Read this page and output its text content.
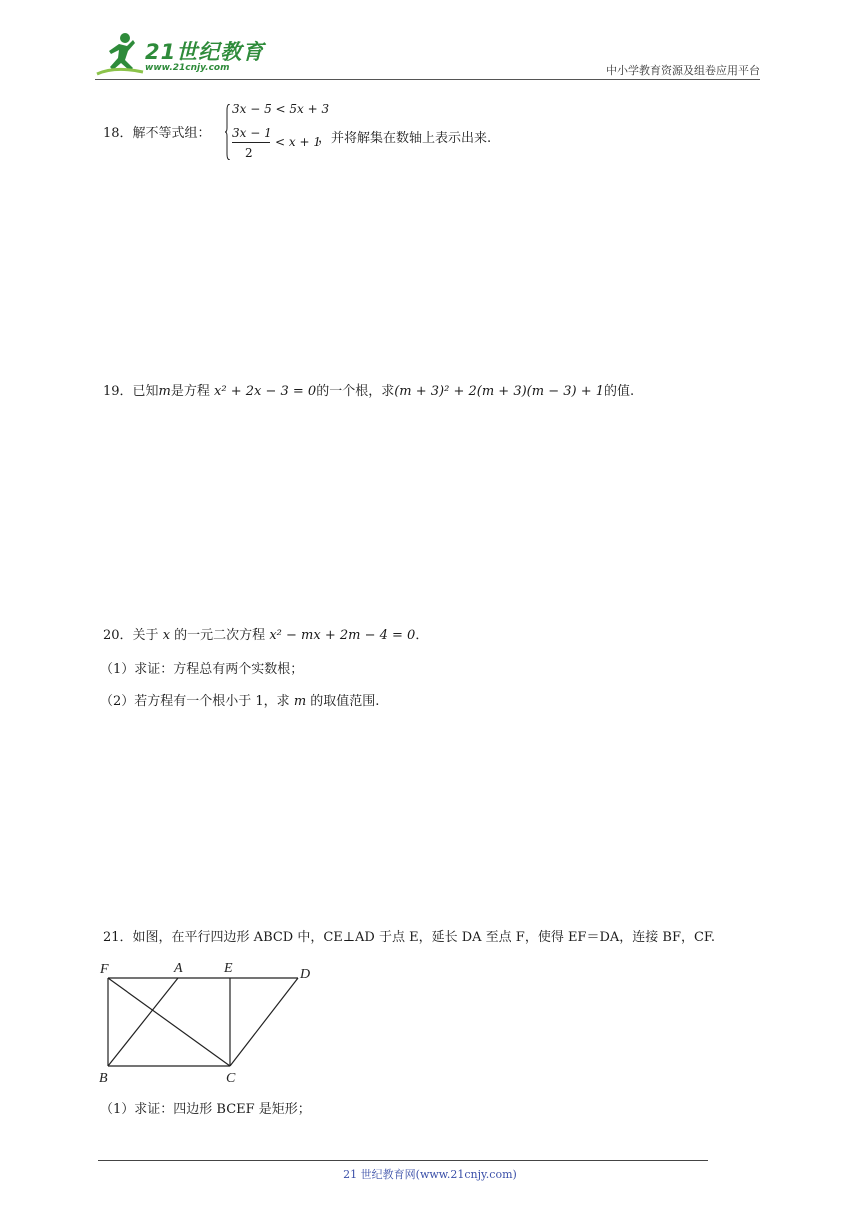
21世纪教育
www.21cnjy.com	中小学教育资源及组卷应用平台
18．解不等式组：
3x − 5 < 5x + 3
3x − 1
2
< x + 1
，并将解集在数轴上表示出来.
19．已知m是方程 x² + 2x − 3 = 0的一个根，求(m + 3)² + 2(m + 3)(m − 3) + 1的值.
20．关于 x 的一元二次方程 x² − mx + 2m − 4 = 0．
（1）求证：方程总有两个实数根；
（2）若方程有一个根小于 1，求 m 的取值范围.
21．如图，在平行四边形 ABCD 中，CE⊥AD 于点 E，延长 DA 至点 F，使得 EF＝DA，连接 BF，CF.
F	A	E	D
B	C
（1）求证：四边形 BCEF 是矩形；
21 世纪教育网(www.21cnjy.com)
